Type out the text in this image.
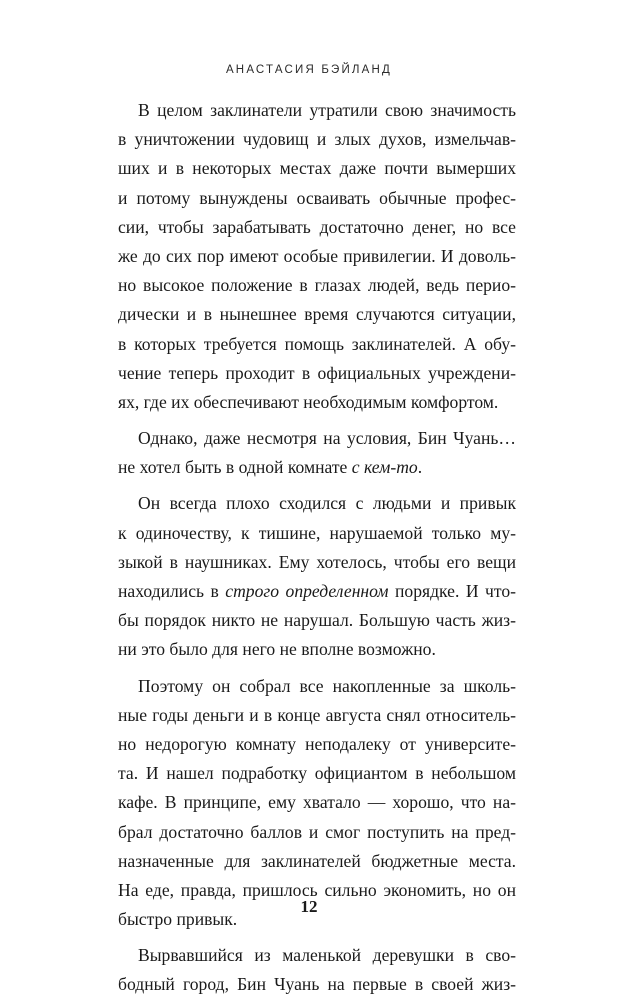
АНАСТАСИЯ БЭЙЛАНД
В целом заклинатели утратили свою значимость
в уничтожении чудовищ и злых духов, измельчав-
ших и в некоторых местах даже почти вымерших
и потому вынуждены осваивать обычные профес-
сии, чтобы зарабатывать достаточно денег, но все
же до сих пор имеют особые привилегии. И доволь-
но высокое положение в глазах людей, ведь перио-
дически и в нынешнее время случаются ситуации,
в которых требуется помощь заклинателей. А обу-
чение теперь проходит в официальных учреждени-
ях, где их обеспечивают необходимым комфортом.
Однако, даже несмотря на условия, Бин Чуань…
не хотел быть в одной комнате с кем-то.
Он всегда плохо сходился с людьми и привык
к одиночеству, к тишине, нарушаемой только му-
зыкой в наушниках. Ему хотелось, чтобы его вещи
находились в строго определенном порядке. И что-
бы порядок никто не нарушал. Большую часть жиз-
ни это было для него не вполне возможно.
Поэтому он собрал все накопленные за школь-
ные годы деньги и в конце августа снял относитель-
но недорогую комнату неподалеку от университе-
та. И нашел подработку официантом в небольшом
кафе. В принципе, ему хватало — хорошо, что на-
брал достаточно баллов и смог поступить на пред-
назначенные для заклинателей бюджетные места.
На еде, правда, пришлось сильно экономить, но он
быстро привык.
Вырвавшийся из маленькой деревушки в сво-
бодный город, Бин Чуань на первые в своей жиз-
12
